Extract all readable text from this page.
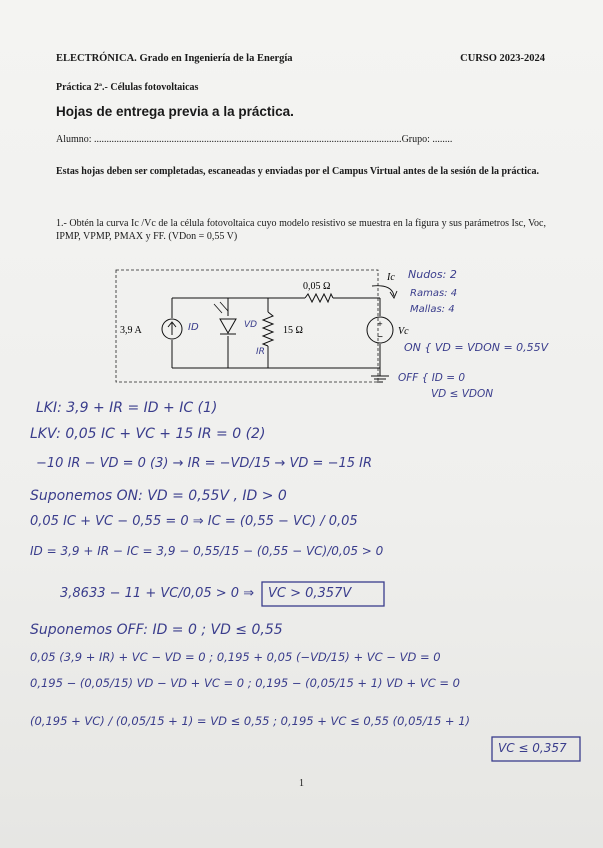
ELECTRÓNICA. Grado en Ingeniería de la Energía	CURSO 2023-2024
Práctica 2ª.- Células fotovoltaicas
Hojas de entrega previa a la práctica.
Alumno: ...........................................................................................................................Grupo: ........
Estas hojas deben ser completadas, escaneadas y enviadas por el Campus Virtual antes de la sesión de la práctica.
1.- Obtén la curva Ic /Vc de la célula fotovoltaica cuyo modelo resistivo se muestra en la figura y sus parámetros Isc, Voc, IPMP, VPMP, PMAX y FF. (VDon = 0,55 V)
+
−
3,9 A
0,05 Ω
15 Ω
Ic
Vc
ID	VD
IR
Nudos: 2
Ramas: 4
Mallas: 4
ON { VD = VDON = 0,55V
OFF { ID = 0
VD ≤ VDON
LKI: 3,9 + IR = ID + IC (1)
LKV: 0,05 IC + VC + 15 IR = 0 (2)
−10 IR − VD = 0 (3) → IR = −VD/15 → VD = −15 IR
Suponemos ON: VD = 0,55V , ID > 0
0,05 IC + VC − 0,55 = 0 ⇒ IC = (0,55 − VC) / 0,05
ID = 3,9 + IR − IC = 3,9 − 0,55/15 − (0,55 − VC)/0,05 > 0
3,8633 − 11 + VC/0,05 > 0 ⇒ VC > 0,357V
Suponemos OFF: ID = 0 ; VD ≤ 0,55
0,05 (3,9 + IR) + VC − VD = 0 ; 0,195 + 0,05 (−VD/15) + VC − VD = 0
0,195 − (0,05/15) VD − VD + VC = 0 ; 0,195 − (0,05/15 + 1) VD + VC = 0
(0,195 + VC) / (0,05/15 + 1) = VD ≤ 0,55 ; 0,195 + VC ≤ 0,55 (0,05/15 + 1)
VC ≤ 0,357
1
